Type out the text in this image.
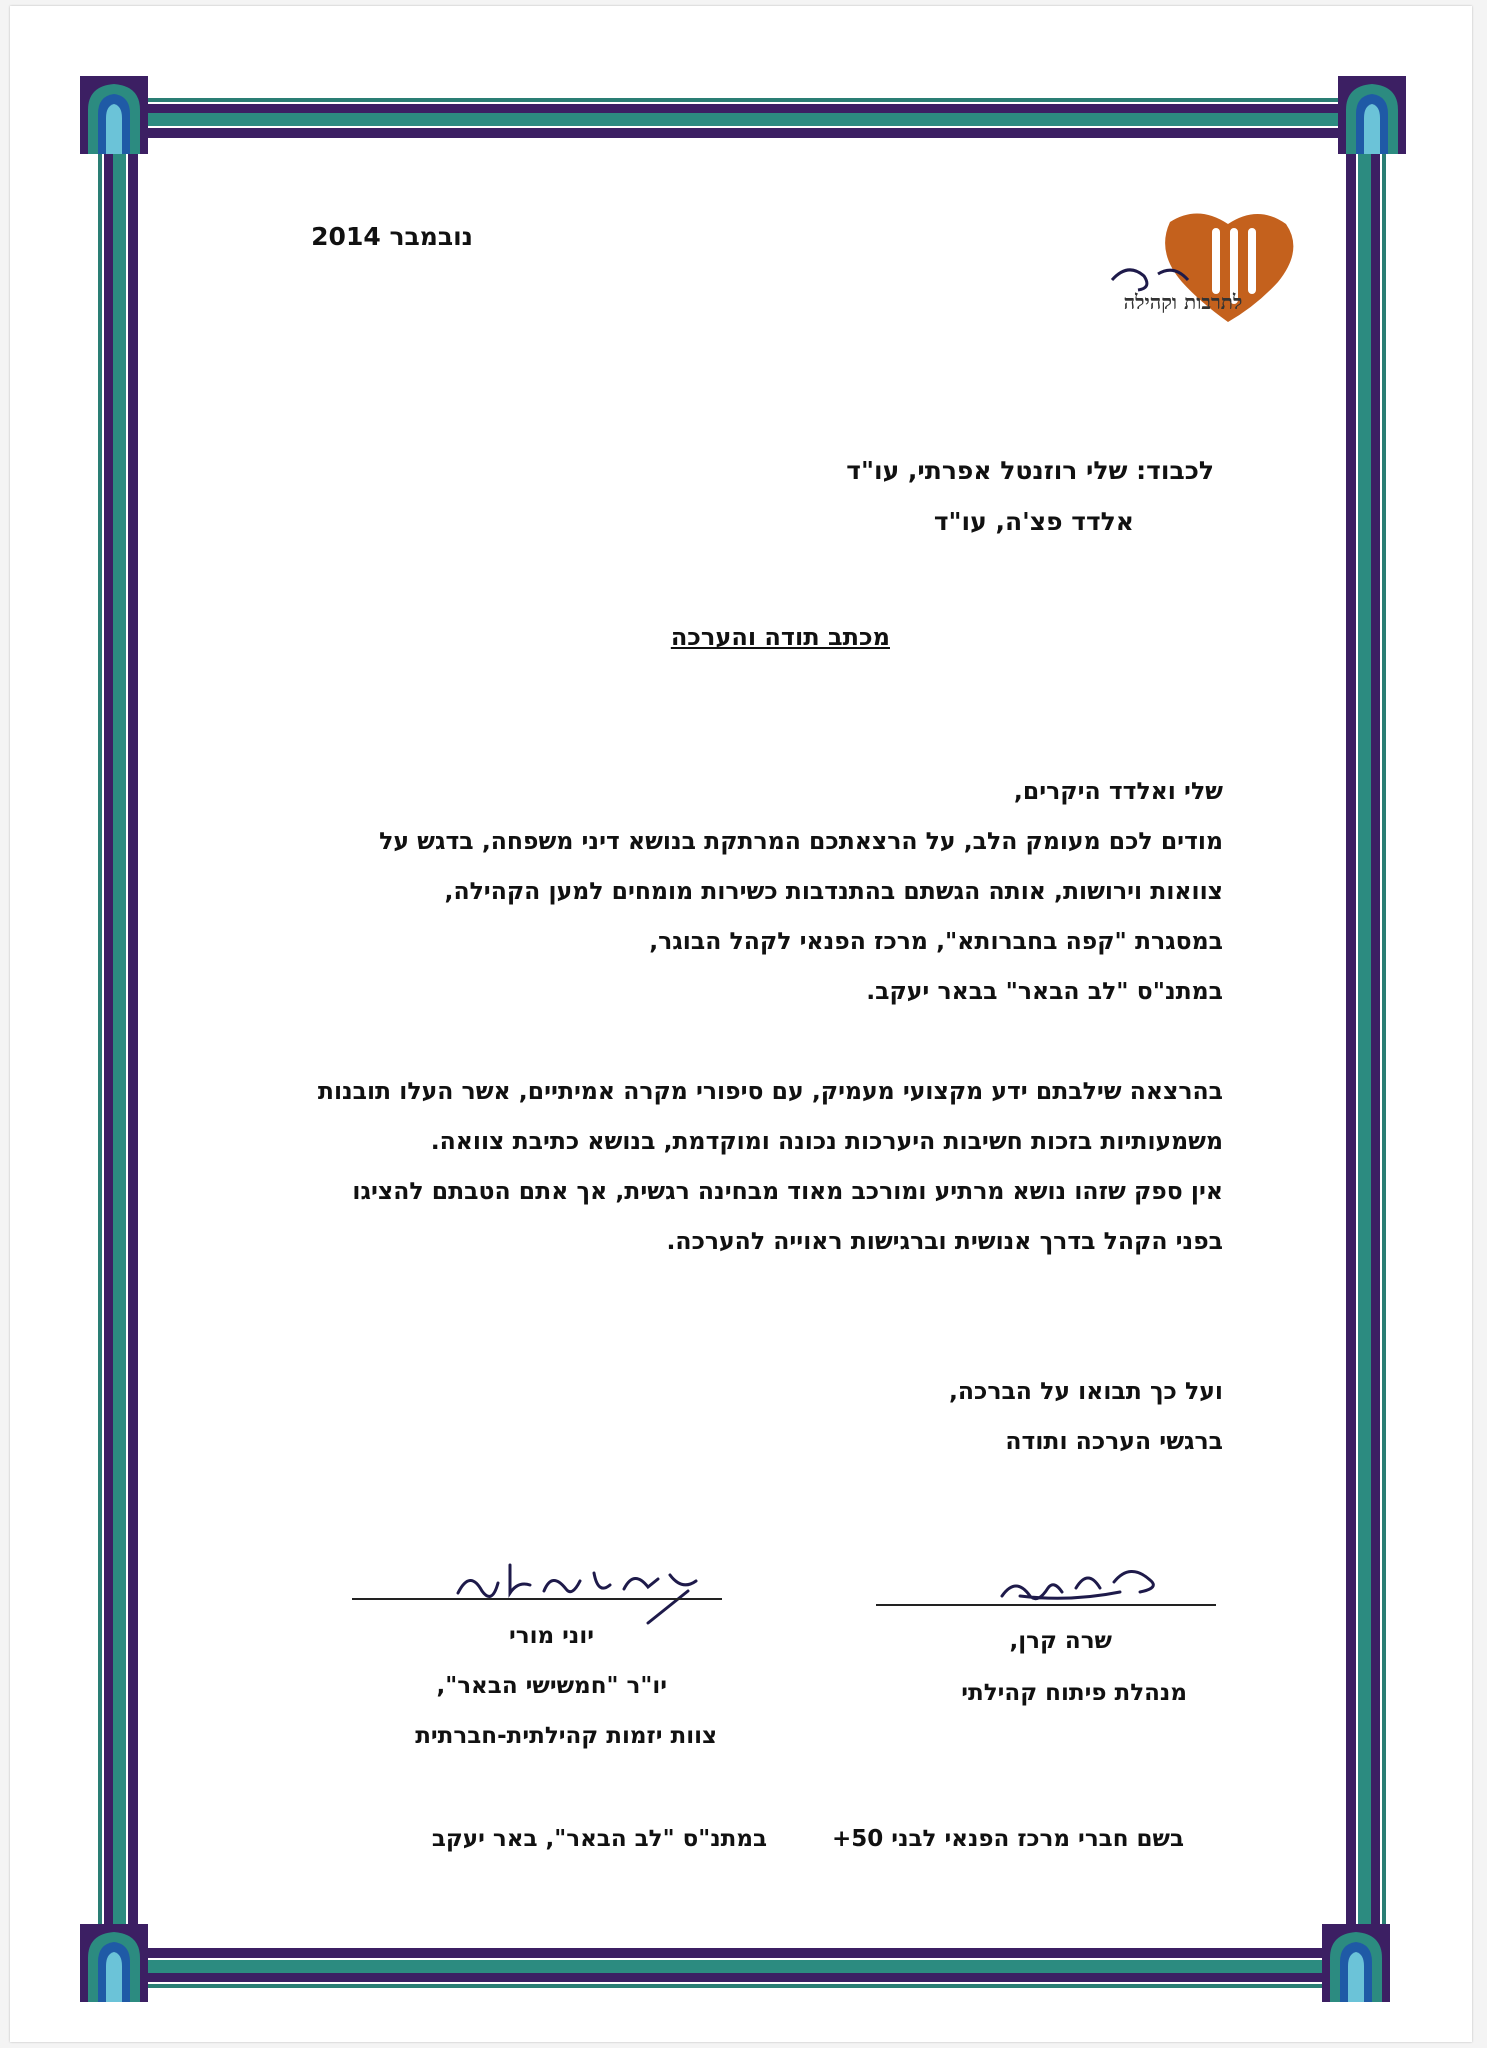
לתרבות וקהילה
נובמבר 2014
לכבוד: שלי רוזנטל אפרתי, עו"ד
אלדד פצ'ה, עו"ד
מכתב תודה והערכה
שלי ואלדד היקרים,
מודים לכם מעומק הלב, על הרצאתכם המרתקת בנושא דיני משפחה, בדגש על
צוואות וירושות, אותה הגשתם בהתנדבות כשירות מומחים למען הקהילה,
במסגרת "קפה בחברותא", מרכז הפנאי לקהל הבוגר,
במתנ"ס "לב הבאר" בבאר יעקב.
בהרצאה שילבתם ידע מקצועי מעמיק, עם סיפורי מקרה אמיתיים, אשר העלו תובנות
משמעותיות בזכות חשיבות היערכות נכונה ומוקדמת, בנושא כתיבת צוואה.
אין ספק שזהו נושא מרתיע ומורכב מאוד מבחינה רגשית, אך אתם הטבתם להציגו
בפני הקהל בדרך אנושית וברגישות ראוייה להערכה.
ועל כך תבואו על הברכה,
ברגשי הערכה ותודה
יוני מורי
יו"ר "חמשישי הבאר",
צוות יזמות קהילתית-חברתית
שרה קרן,
מנהלת פיתוח קהילתי
בשם חברי מרכז הפנאי לבני 50+
במתנ"ס "לב הבאר", באר יעקב
